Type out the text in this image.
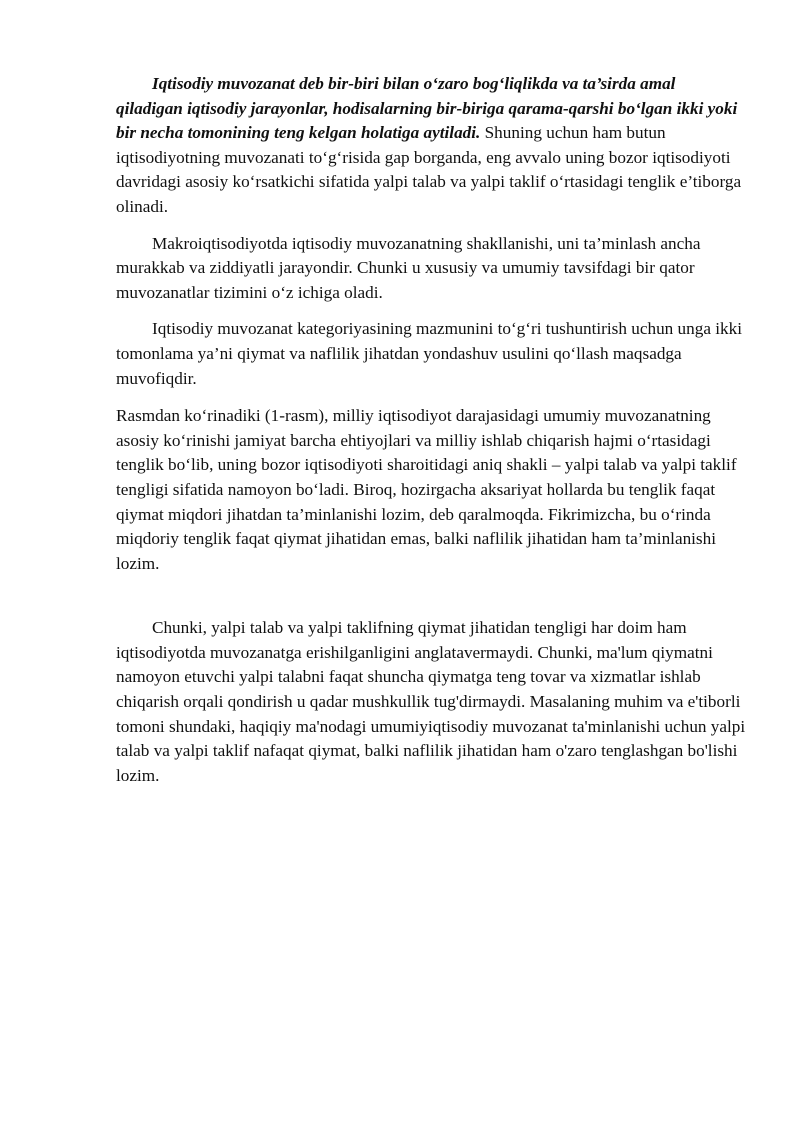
Iqtisodiy muvozanat deb bir-biri bilan o‘zaro bog‘liqlikda va ta’sirda amal qiladigan iqtisodiy jarayonlar, hodisalarning bir-biriga qarama-qarshi bo‘lgan ikki yoki bir necha tomonining teng kelgan holatiga aytiladi. Shuning uchun ham butun iqtisodiyotning muvozanati to‘g‘risida gap borganda, eng avvalo uning bozor iqtisodiyoti davridagi asosiy ko‘rsatkichi sifatida yalpi talab va yalpi taklif o‘rtasidagi tenglik e’tiborga olinadi.

Makroiqtisodiyotda iqtisodiy muvozanatning shakllanishi, uni ta’minlash ancha murakkab va ziddiyatli jarayondir. Chunki u xususiy va umumiy tavsifdagi bir qator muvozanatlar tizimini o‘z ichiga oladi.

Iqtisodiy muvozanat kategoriyasining mazmunini to‘g‘ri tushuntirish uchun unga ikki tomonlama ya’ni qiymat va naflilik jihatdan yondashuv usulini qo‘llash maqsadga muvofiqdir.

Rasmdan ko‘rinadiki (1-rasm), milliy iqtisodiyot darajasidagi umumiy muvozanatning asosiy ko‘rinishi jamiyat barcha ehtiyojlari va milliy ishlab chiqarish hajmi o‘rtasidagi tenglik bo‘lib, uning bozor iqtisodiyoti sharoitidagi aniq shakli – yalpi talab va yalpi taklif tengligi sifatida namoyon bo‘ladi. Biroq, hozirgacha aksariyat hollarda bu tenglik faqat qiymat miqdori jihatdan ta’minlanishi lozim, deb qaralmoqda. Fikrimizcha, bu o‘rinda miqdoriy tenglik faqat qiymat jihatidan emas, balki naflilik jihatidan ham ta’minlanishi lozim.

Chunki, yalpi talab va yalpi taklifning qiymat jihatidan tengligi har doim ham iqtisodiyotda muvozanatga erishilganligini anglatavermaydi. Chunki, ma'lum qiymatni namoyon etuvchi yalpi talabni faqat shuncha qiymatga teng tovar va xizmatlar ishlab chiqarish orqali qondirish u qadar mushkullik tug'dirmaydi. Masalaning muhim va e'tiborli tomoni shundaki, haqiqiy ma'nodagi umumiyiqtisodiy muvozanat ta'minlanishi uchun yalpi talab va yalpi taklif nafaqat qiymat, balki naflilik jihatidan ham o'zaro tenglashgan bo'lishi lozim.
